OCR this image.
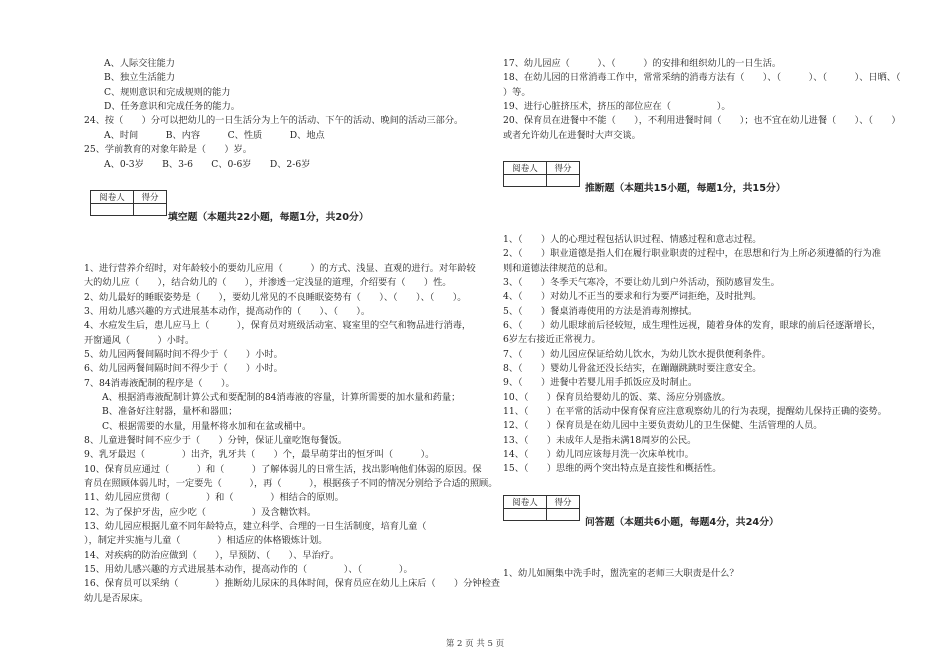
A、人际交往能力
B、独立生活能力
C、规则意识和完成规则的能力
D、任务意识和完成任务的能力。
24、按（　　）分可以把幼儿的一日生活分为上午的活动、下午的活动、晚间的活动三部分。
A、时间　　　B、内容　　　C、性质　　　D、地点
25、学前教育的对象年龄是（　　）岁。
A、0-3岁　　B、3-6　　C、0-6岁　　D、2-6岁
阅卷人	得分

填空题（本题共22小题，每题1分，共20分）
1、进行营养介绍时，对年龄较小的要幼儿应用（　　　）的方式、浅显、直观的进行。对年龄较
大的幼儿应（　　），结合幼儿的（　　），并渗透一定浅显的道理，介绍要有（　　）性。
2、幼儿最好的睡眠姿势是（　　），要幼儿常见的不良睡眠姿势有（　　）、（　　）、（　　）。
3、用幼儿感兴趣的方式进展基本动作，提高动作的（　　）、（　　）。
4、水痘发生后，患儿应马上（　　　），保育员对班级活动室、寝室里的空气和物品进行消毒，
开窗通风（　　　）小时。
5、幼儿园两餐间隔时间不得少于（　　）小时。
6、幼儿园两餐间隔时间不得少于（　　）小时。
7、84消毒液配制的程序是（　　）。
A、根据消毒液配制计算公式和要配制的84消毒液的容量，计算所需要的加水量和药量；
B、准备好注射器，量杯和器皿；
C、根据需要的水量，用量杯将水加和在盆或桶中。
8、儿童进餐时间不应少于（　　）分钟，保证儿童吃饱每餐饭。
9、乳牙最迟（　　　　）出齐，乳牙共（　　）个，最早萌芽出的恒牙叫（　　　）。
10、保育员应通过（　　　）和（　　　）了解体弱儿的日常生活，找出影响他们体弱的原因。保
育员在照顾体弱儿时，一定要先（　　　），再（　　　），根据孩子不同的情况分别给予合适的照顾。
11、幼儿园应贯彻（　　　　）和（　　　　）相结合的原则。
12、为了保护牙齿，应少吃（　　　　　）及含糖饮料。
13、幼儿园应根据儿童不同年龄特点，建立科学、合理的一日生活制度，培育儿童（
），制定并实施与儿童（　　　　）相适应的体格锻炼计划。
14、对疾病的防治应做到（　　），早预防、（　　）、早治疗。
15、用幼儿感兴趣的方式进展基本动作，提高动作的（　　　　）、（　　　　）。
16、保育员可以采纳（　　　　）推断幼儿尿床的具体时间，保育员应在幼儿上床后（　　）分钟检查
幼儿是否尿床。
17、幼儿园应（　　　）、（　　　）的安排和组织幼儿的一日生活。
18、在幼儿园的日常消毒工作中，常常采纳的消毒方法有（　　）、（　　　）、（　　　）、日晒、（
）等。
19、进行心脏挤压术，挤压的部位应在（　　　　　）。
20、保育员在进餐中不能（　　），不利用进餐时间（　　）；也不宜在幼儿进餐（　　）、（　　）
或者允许幼儿在进餐时大声交谈。
阅卷人	得分

推断题（本题共15小题，每题1分，共15分）
1、（　　）人的心理过程包括认识过程、情感过程和意志过程。
2、（　　）职业道德是指人们在履行职业职责的过程中，在思想和行为上所必须遵循的行为准
则和道德法律规范的总和。
3、（　　）冬季天气寒冷，不要让幼儿到户外活动，预防感冒发生。
4、（　　）对幼儿不正当的要求和行为要严词拒绝，及时批判。
5、（　　）餐桌消毒使用的方法是消毒剂擦拭。
6、（　　）幼儿眼球前后径较短，成生理性远视，随着身体的发育，眼球的前后径逐渐增长，
6岁左右接近正常视力。
7、（　　）幼儿园应保证给幼儿饮水，为幼儿饮水提供便利条件。
8、（　　）婴幼儿骨盆还没长结实，在蹦蹦跳跳时要注意安全。
9、（　　）进餐中若婴儿用手抓饭应及时制止。
10、（　　）保育员给婴幼儿的饭、菜、汤应分别盛放。
11、（　　）在平常的活动中保育保育应注意观察幼儿的行为表现，提醒幼儿保持正确的姿势。
12、（　　）保育员是在幼儿园中主要负责幼儿的卫生保健、生活管理的人员。
13、（　　）未成年人是指未满18周岁的公民。
14、（　　）幼儿同应该每月洗一次床单枕巾。
15、（　　）思维的两个突出特点是直接性和概括性。
阅卷人	得分

问答题（本题共6小题，每题4分，共24分）
1、幼儿如厕集中洗手时，盥洗室的老师三大职责是什么？
第 2 页 共 5 页
